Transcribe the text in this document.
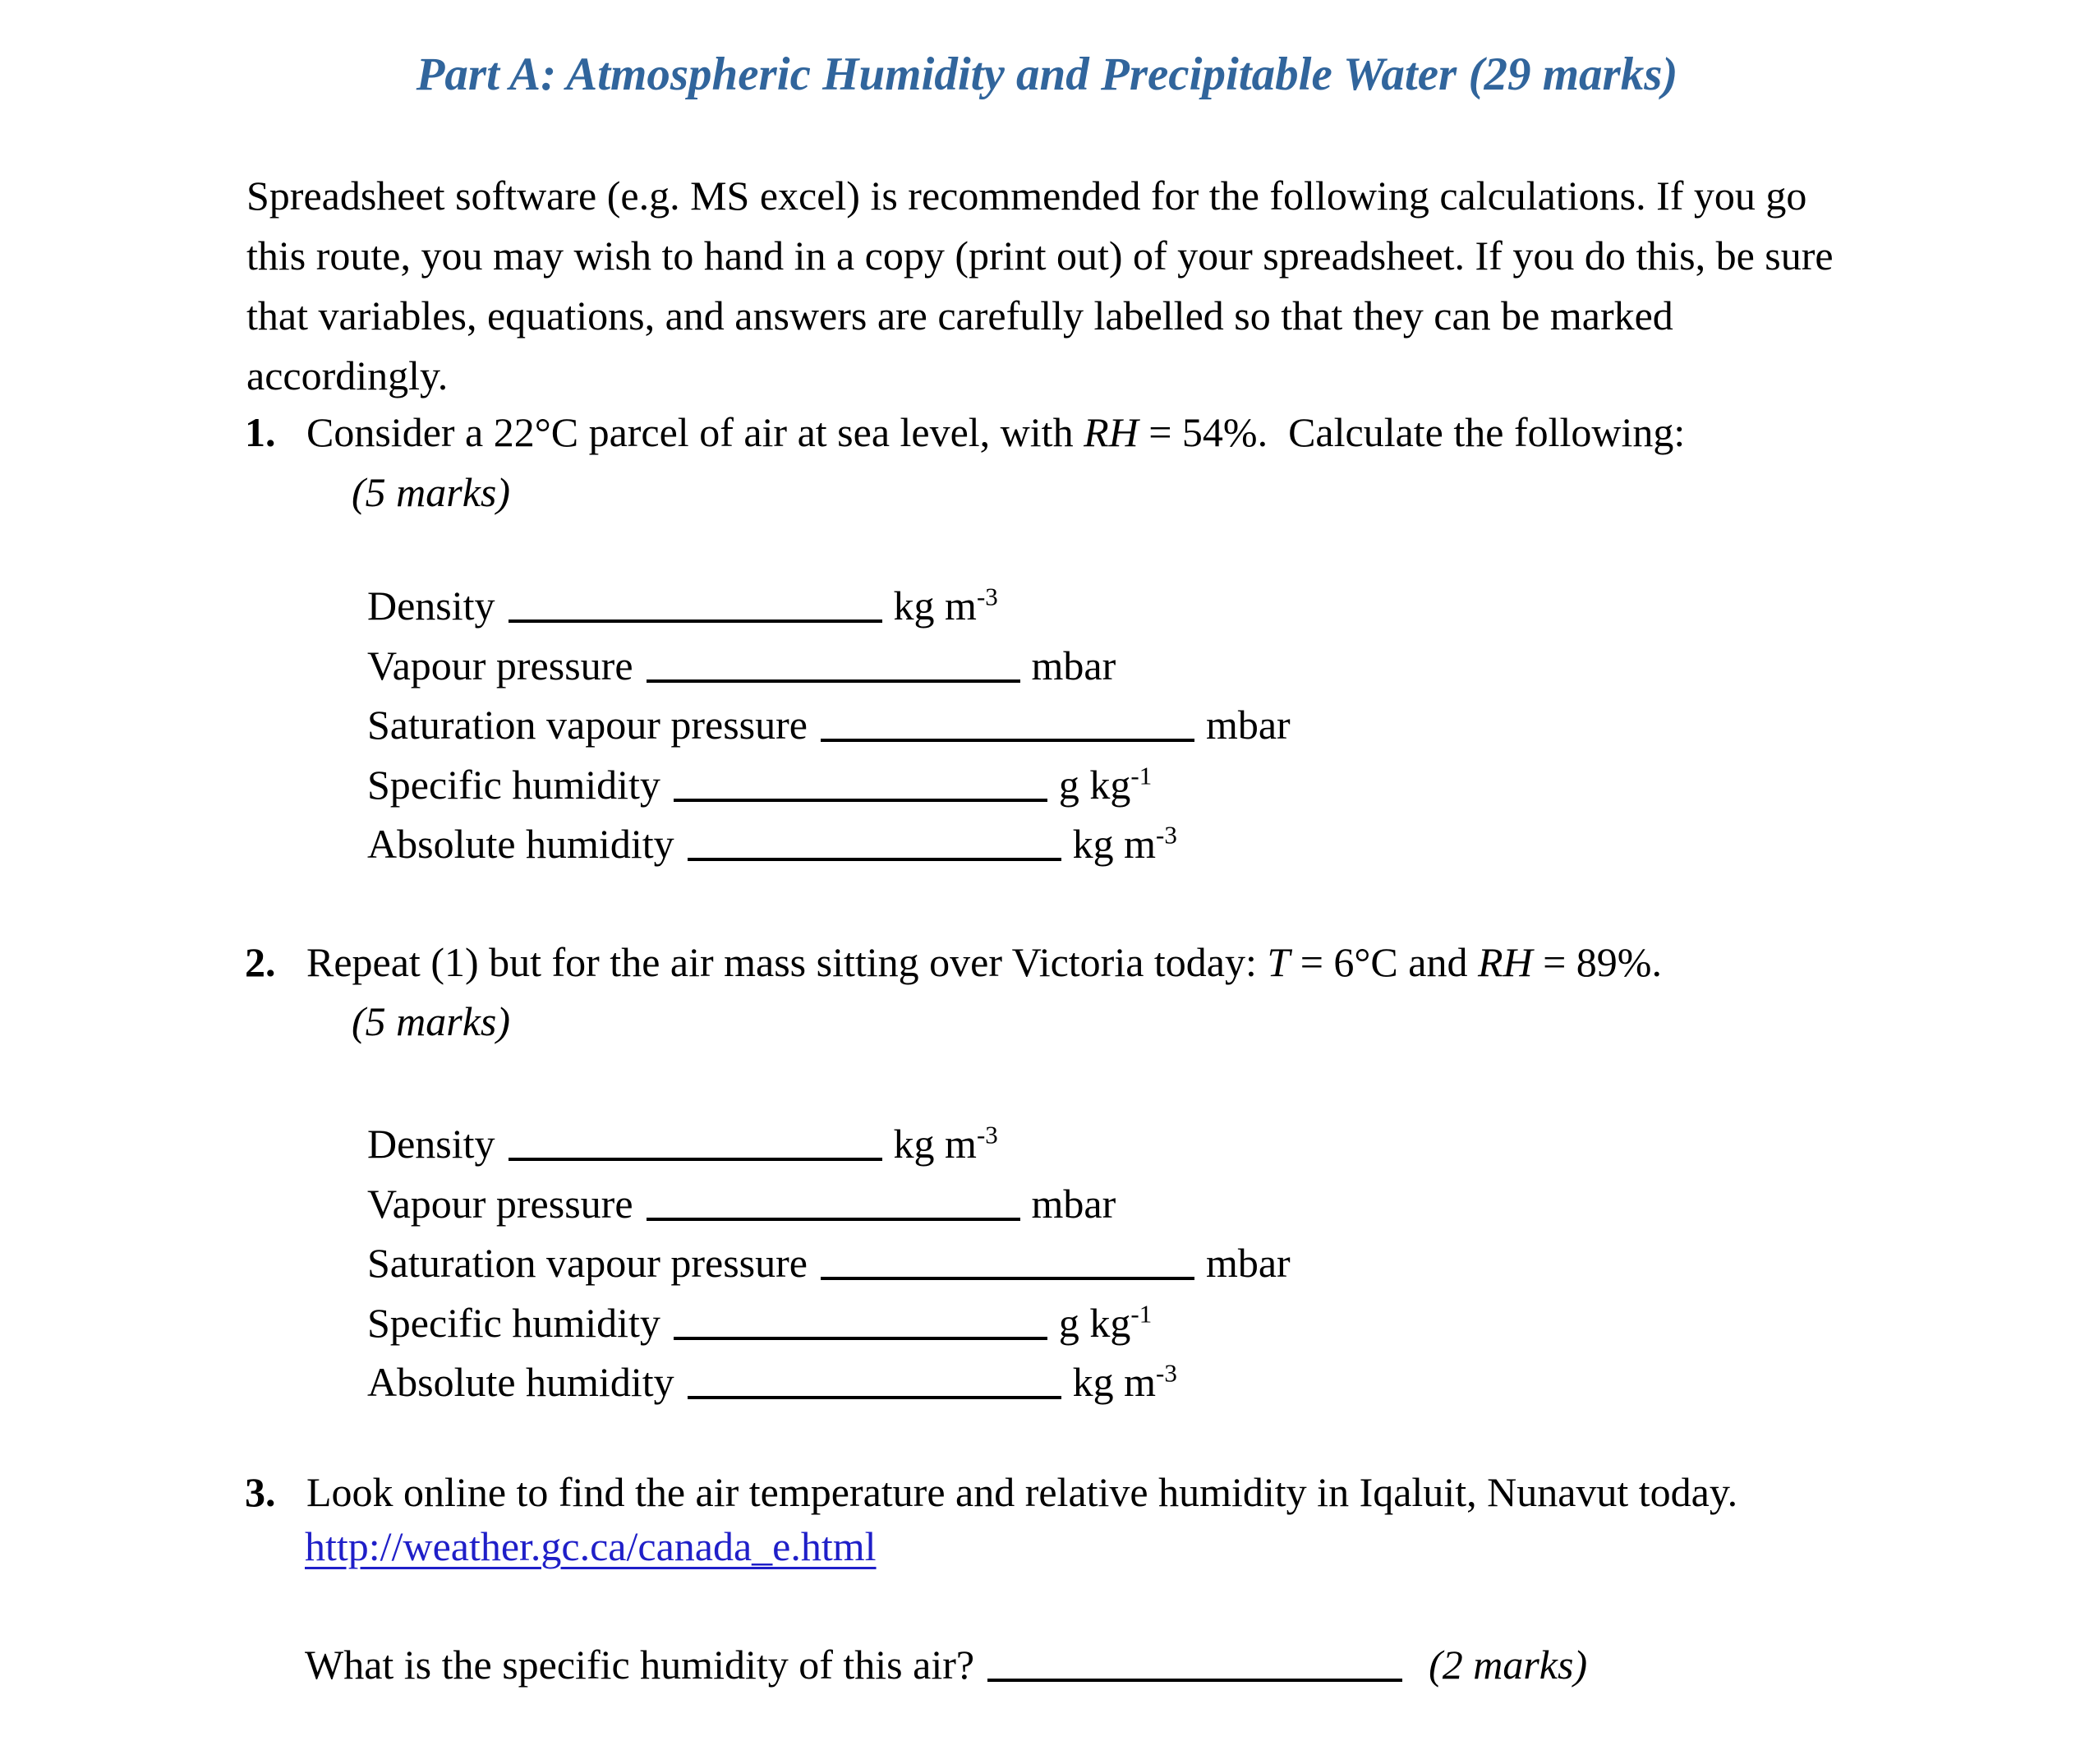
Part A: Atmospheric Humidity and Precipitable Water (29 marks)
Spreadsheet software (e.g. MS excel) is recommended for the following calculations. If you go this route, you may wish to hand in a copy (print out) of your spreadsheet. If you do this, be sure that variables, equations, and answers are carefully labelled so that they can be marked accordingly.
1. Consider a 22°C parcel of air at sea level, with RH = 54%.  Calculate the following:
(5 marks)
Density	kg $m^{-3}$
Vapour pressure	mbar
Saturation vapour pressure	mbar
Specific humidity	g $kg^{-1}$
Absolute humidity	kg $m^{-3}$
2. Repeat (1) but for the air mass sitting over Victoria today: T = 6°C and RH = 89%.
(5 marks)
Density	kg $m^{-3}$
Vapour pressure	mbar
Saturation vapour pressure	mbar
Specific humidity	g $kg^{-1}$
Absolute humidity	kg $m^{-3}$
3. Look online to find the air temperature and relative humidity in Iqaluit, Nunavut today.
http://weather.gc.ca/canada_e.html
What is the specific humidity of this air?	(2 marks)
